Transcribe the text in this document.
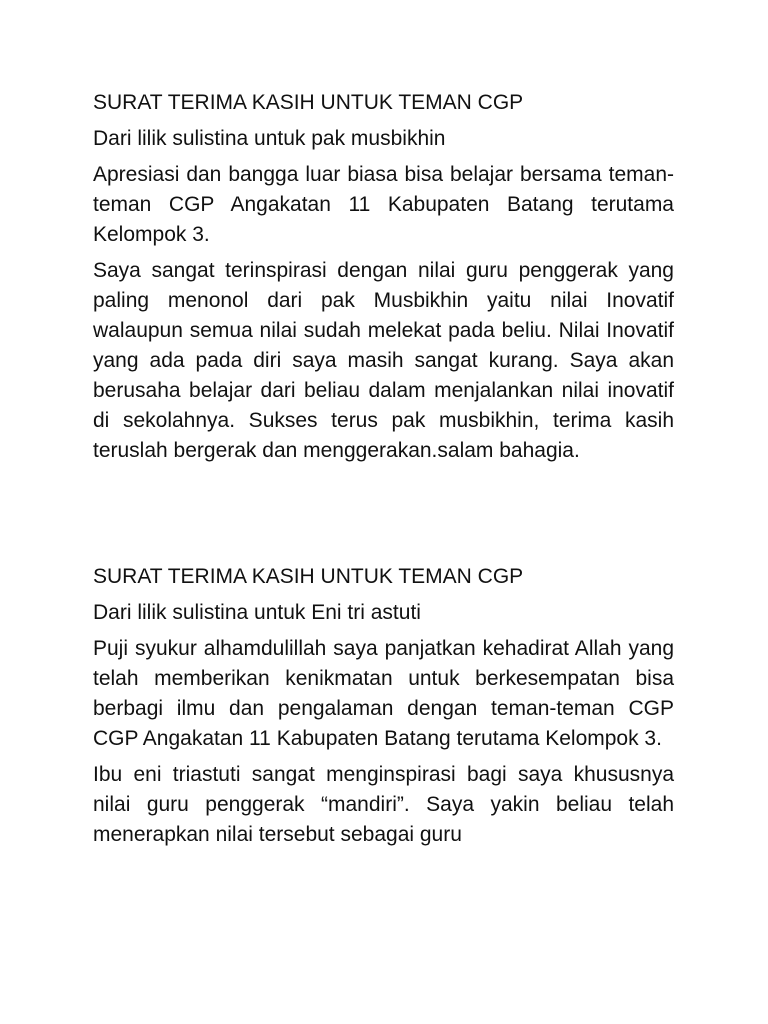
SURAT TERIMA KASIH UNTUK TEMAN CGP

Dari lilik sulistina untuk pak musbikhin

Apresiasi dan bangga luar biasa bisa belajar bersama teman-teman CGP Angakatan 11 Kabupaten Batang terutama Kelompok 3.

Saya sangat terinspirasi dengan nilai guru penggerak yang paling menonol dari pak Musbikhin yaitu nilai Inovatif walaupun semua nilai sudah melekat pada beliu. Nilai Inovatif yang ada pada diri saya masih sangat kurang. Saya akan berusaha belajar dari beliau dalam menjalankan nilai inovatif di sekolahnya. Sukses terus pak musbikhin, terima kasih teruslah bergerak dan menggerakan.salam bahagia.

SURAT TERIMA KASIH UNTUK TEMAN CGP

Dari lilik sulistina untuk Eni tri astuti

Puji syukur alhamdulillah saya panjatkan kehadirat Allah yang telah memberikan kenikmatan untuk berkesempatan bisa berbagi ilmu dan pengalaman dengan teman-teman CGP CGP Angakatan 11 Kabupaten Batang terutama Kelompok 3.

Ibu eni triastuti sangat menginspirasi bagi saya khususnya nilai guru penggerak “mandiri”. Saya yakin beliau telah menerapkan nilai tersebut sebagai guru
